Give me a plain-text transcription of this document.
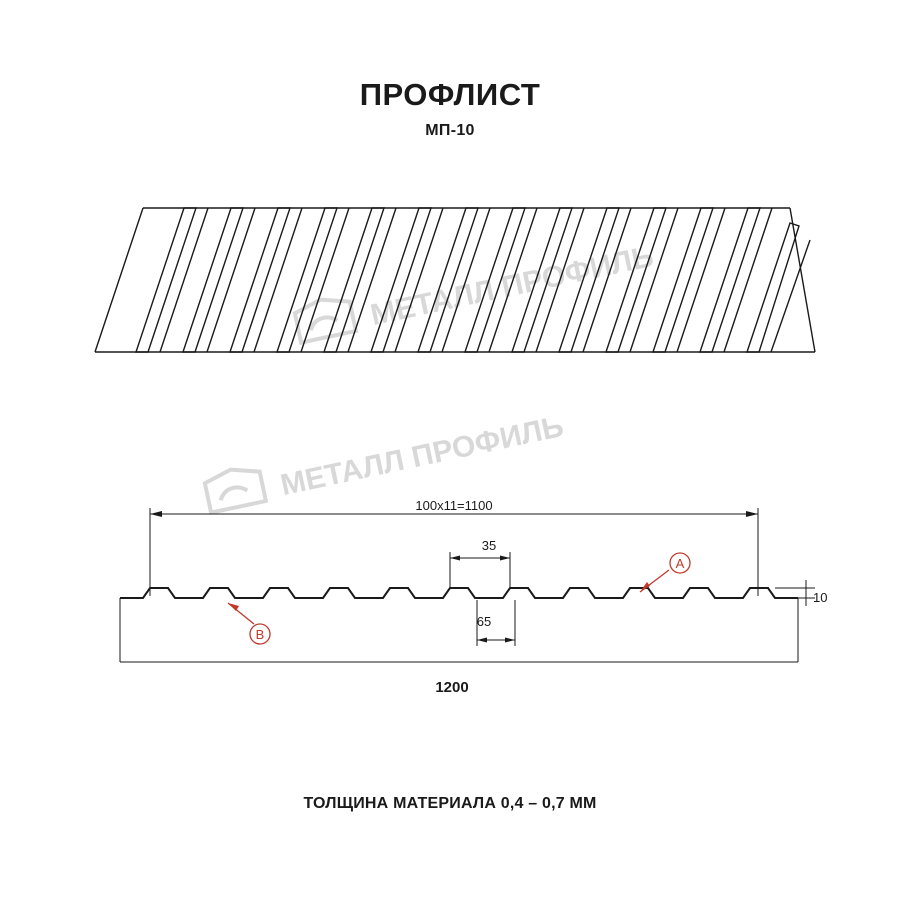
ПРОФЛИСТ
МП-10
МЕТАЛЛ ПРОФИЛЬ
МЕТАЛЛ ПРОФИЛЬ
100x11=1100
35
65
10
1200
A
B
ТОЛЩИНА МАТЕРИАЛА 0,4 – 0,7 ММ
